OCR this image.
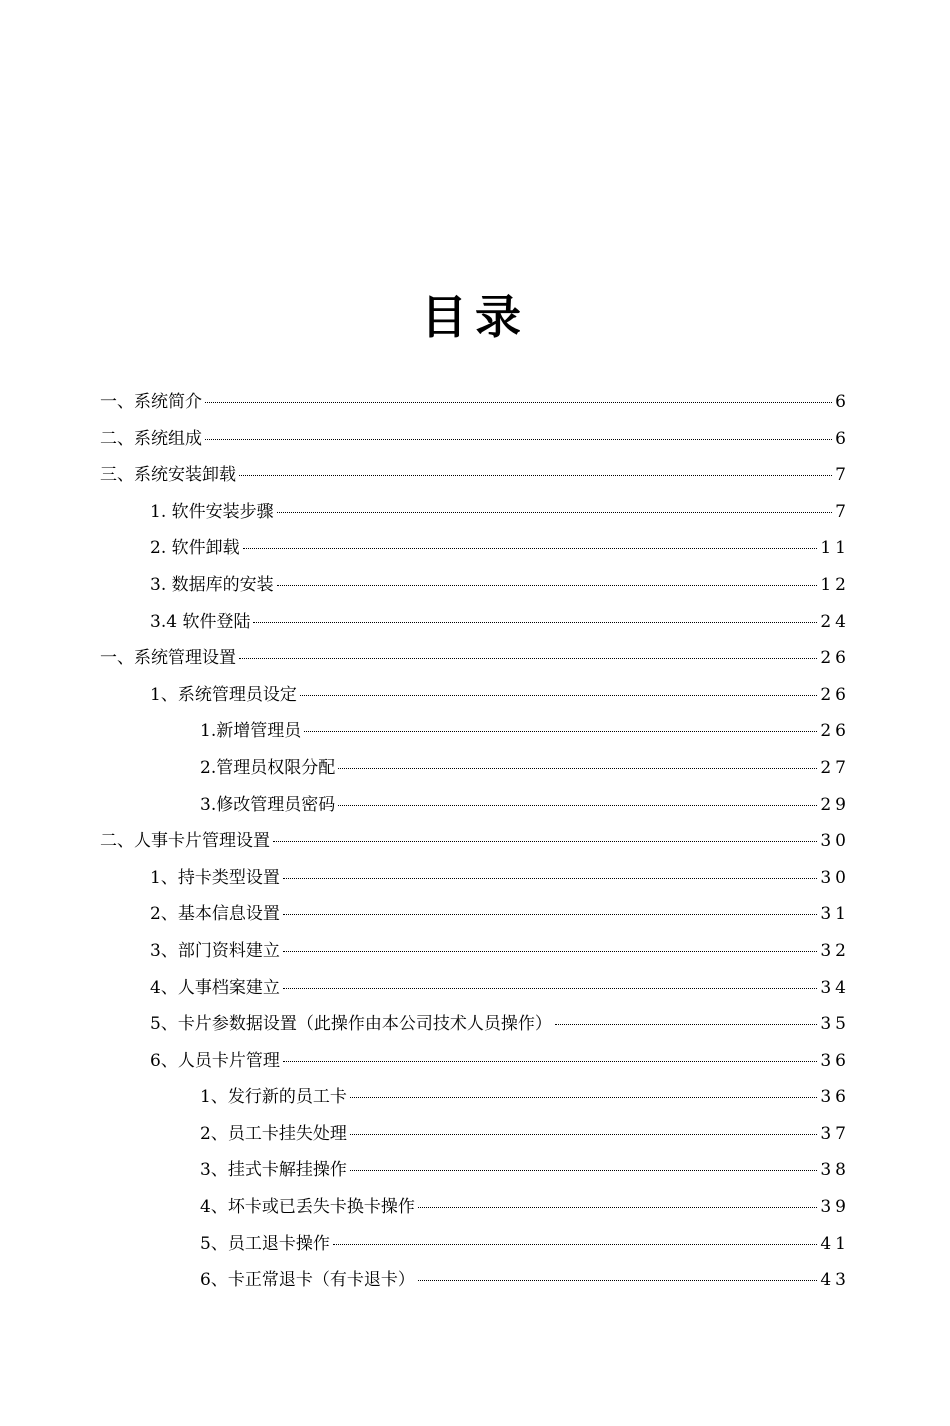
目录
一、系统简介	6
二、系统组成	6
三、系统安装卸载	7
1. 软件安装步骤	7
2. 软件卸载	11
3. 数据库的安装	12
3.4 软件登陆	24
一、系统管理设置	26
1、系统管理员设定	26
1.新增管理员	26
2.管理员权限分配	27
3.修改管理员密码	29
二、人事卡片管理设置	30
1、持卡类型设置	30
2、基本信息设置	31
3、部门资料建立	32
4、人事档案建立	34
5、卡片参数据设置（此操作由本公司技术人员操作）	35
6、人员卡片管理	36
1、发行新的员工卡	36
2、员工卡挂失处理	37
3、挂式卡解挂操作	38
4、坏卡或已丢失卡换卡操作	39
5、员工退卡操作	41
6、卡正常退卡（有卡退卡）	43
